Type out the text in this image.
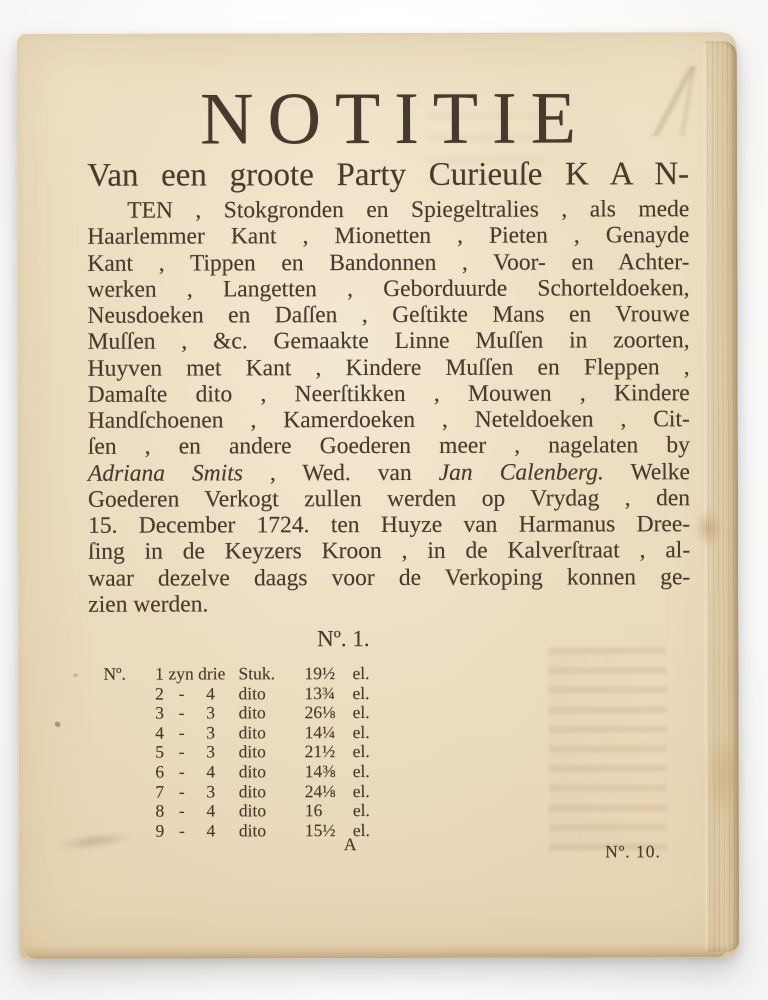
NOTITIE

Van een groote Party Curieuſe K A N-

TEN , Stokgronden en Spiegeltralies , als mede
Haarlemmer Kant , Mionetten , Pieten , Genayde
Kant , Tippen en Bandonnen , Voor- en Achter-
werken , Langetten , Geborduurde Schorteldoeken,
Neusdoeken en Daſſen , Geſtikte Mans en Vrouwe
Muſſen , &c. Gemaakte Linne Muſſen in zoorten,
Huyven met Kant , Kindere Muſſen en Fleppen ,
Damaſte dito , Neerſtikken , Mouwen , Kindere
Handſchoenen , Kamerdoeken , Neteldoeken , Cit-
ſen , en andere Goederen meer , nagelaten by
Adriana Smits , Wed. van Jan Calenberg. Welke
Goederen Verkogt zullen werden op Vrydag , den
15. December 1724. ten Huyze van Harmanus Dree-
ſing in de Keyzers Kroon , in de Kalverſtraat , al-
waar dezelve daags voor de Verkoping konnen ge-
zien werden.
Nº. 1.
Nº.	1 zyn drie Stuk.	19½ el.
2 -	4	dito	13¾ el.
3 -	3	dito	26⅛ el.
4 -	3	dito	14¼ el.
5 -	3	dito	21½ el.
6 -	4	dito	14⅜ el.
7 -	3	dito	24⅛ el.
8 -	4	dito	16	el.
9 -	4	dito	15½ el.
A	Nº. 10.
